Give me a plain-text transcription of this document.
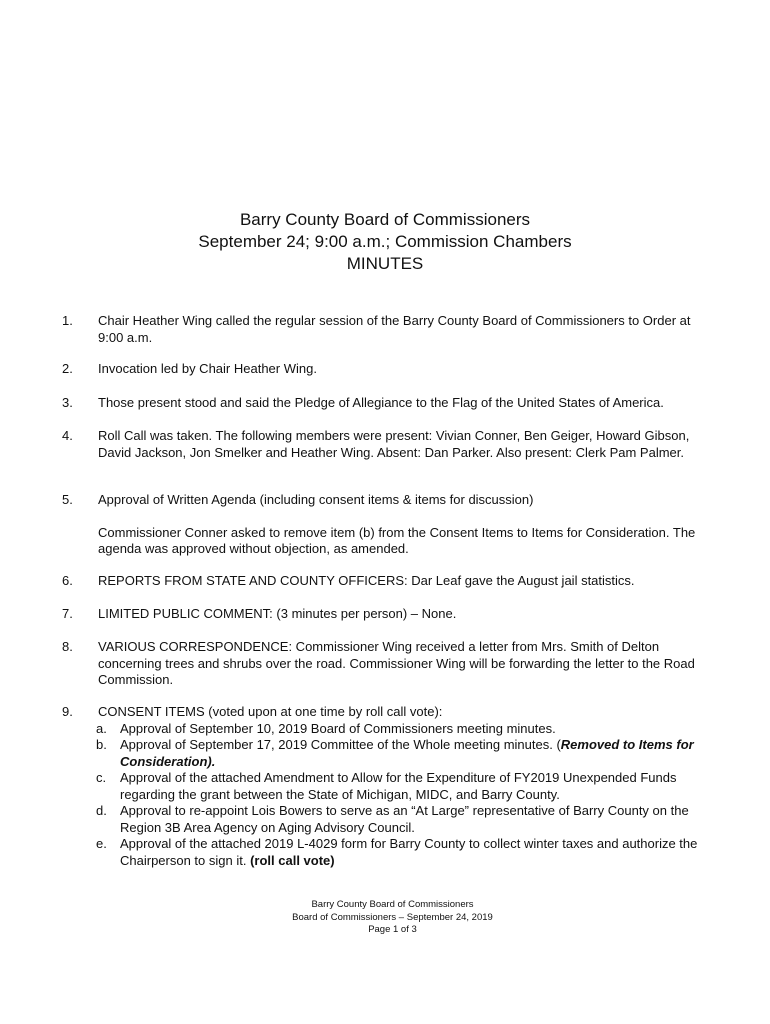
Barry County Board of Commissioners
September 24; 9:00 a.m.; Commission Chambers
MINUTES
1. Chair Heather Wing called the regular session of the Barry County Board of Commissioners to Order at 9:00 a.m.

2. Invocation led by Chair Heather Wing.

3. Those present stood and said the Pledge of Allegiance to the Flag of the United States of America.

4. Roll Call was taken. The following members were present: Vivian Conner, Ben Geiger, Howard Gibson, David Jackson, Jon Smelker and Heather Wing. Absent: Dan Parker. Also present: Clerk Pam Palmer.

5. Approval of Written Agenda (including consent items & items for discussion)

Commissioner Conner asked to remove item (b) from the Consent Items to Items for Consideration. The agenda was approved without objection, as amended.

6. REPORTS FROM STATE AND COUNTY OFFICERS: Dar Leaf gave the August jail statistics.

7. LIMITED PUBLIC COMMENT: (3 minutes per person) – None.

8. VARIOUS CORRESPONDENCE: Commissioner Wing received a letter from Mrs. Smith of Delton concerning trees and shrubs over the road. Commissioner Wing will be forwarding the letter to the Road Commission.

9. CONSENT ITEMS (voted upon at one time by roll call vote):

a. Approval of September 10, 2019 Board of Commissioners meeting minutes.
b. Approval of September 17, 2019 Committee of the Whole meeting minutes. (Removed to Items for Consideration).
c. Approval of the attached Amendment to Allow for the Expenditure of FY2019 Unexpended Funds regarding the grant between the State of Michigan, MIDC, and Barry County.
d. Approval to re-appoint Lois Bowers to serve as an “At Large” representative of Barry County on the Region 3B Area Agency on Aging Advisory Council.
e. Approval of the attached 2019 L-4029 form for Barry County to collect winter taxes and authorize the Chairperson to sign it. (roll call vote)
Barry County Board of Commissioners
Board of Commissioners – September 24, 2019
Page 1 of 3
